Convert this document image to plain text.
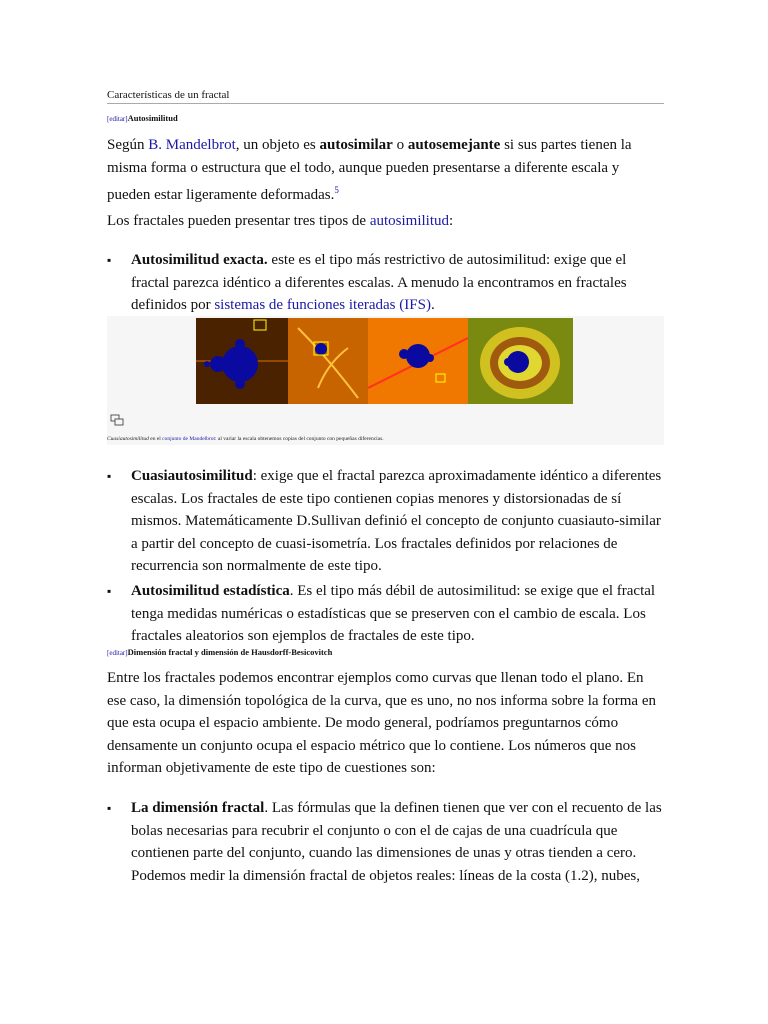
Características de un fractal
[editar]Autosimilitud

Según B. Mandelbrot, un objeto es autosimilar o autosemejante si sus partes tienen la misma forma o estructura que el todo, aunque pueden presentarse a diferente escala y pueden estar ligeramente deformadas.$^5$

Los fractales pueden presentar tres tipos de autosimilitud:

▪ Autosimilitud exacta. este es el tipo más restrictivo de autosimilitud: exige que el fractal parezca idéntico a diferentes escalas. A menudo la encontramos en fractales definidos por sistemas de funciones iteradas (IFS).
Cuasiautosimilitud en el conjunto de Mandelbrot: al variar la escala obtenemos copias del conjunto con pequeñas diferencias.
▪ Cuasiautosimilitud: exige que el fractal parezca aproximadamente idéntico a diferentes escalas. Los fractales de este tipo contienen copias menores y distorsionadas de sí mismos. Matemáticamente D.Sullivan definió el concepto de conjunto cuasiauto-similar a partir del concepto de cuasi-isometría. Los fractales definidos por relaciones de recurrencia son normalmente de este tipo.
▪ Autosimilitud estadística. Es el tipo más débil de autosimilitud: se exige que el fractal tenga medidas numéricas o estadísticas que se preserven con el cambio de escala. Los fractales aleatorios son ejemplos de fractales de este tipo.
[editar]Dimensión fractal y dimensión de Hausdorff-Besicovitch

Entre los fractales podemos encontrar ejemplos como curvas que llenan todo el plano. En ese caso, la dimensión topológica de la curva, que es uno, no nos informa sobre la forma en que esta ocupa el espacio ambiente. De modo general, podríamos preguntarnos cómo densamente un conjunto ocupa el espacio métrico que lo contiene. Los números que nos informan objetivamente de este tipo de cuestiones son:

▪ La dimensión fractal. Las fórmulas que la definen tienen que ver con el recuento de las bolas necesarias para recubrir el conjunto o con el de cajas de una cuadrícula que contienen parte del conjunto, cuando las dimensiones de unas y otras tienden a cero. Podemos medir la dimensión fractal de objetos reales: líneas de la costa (1.2), nubes,
